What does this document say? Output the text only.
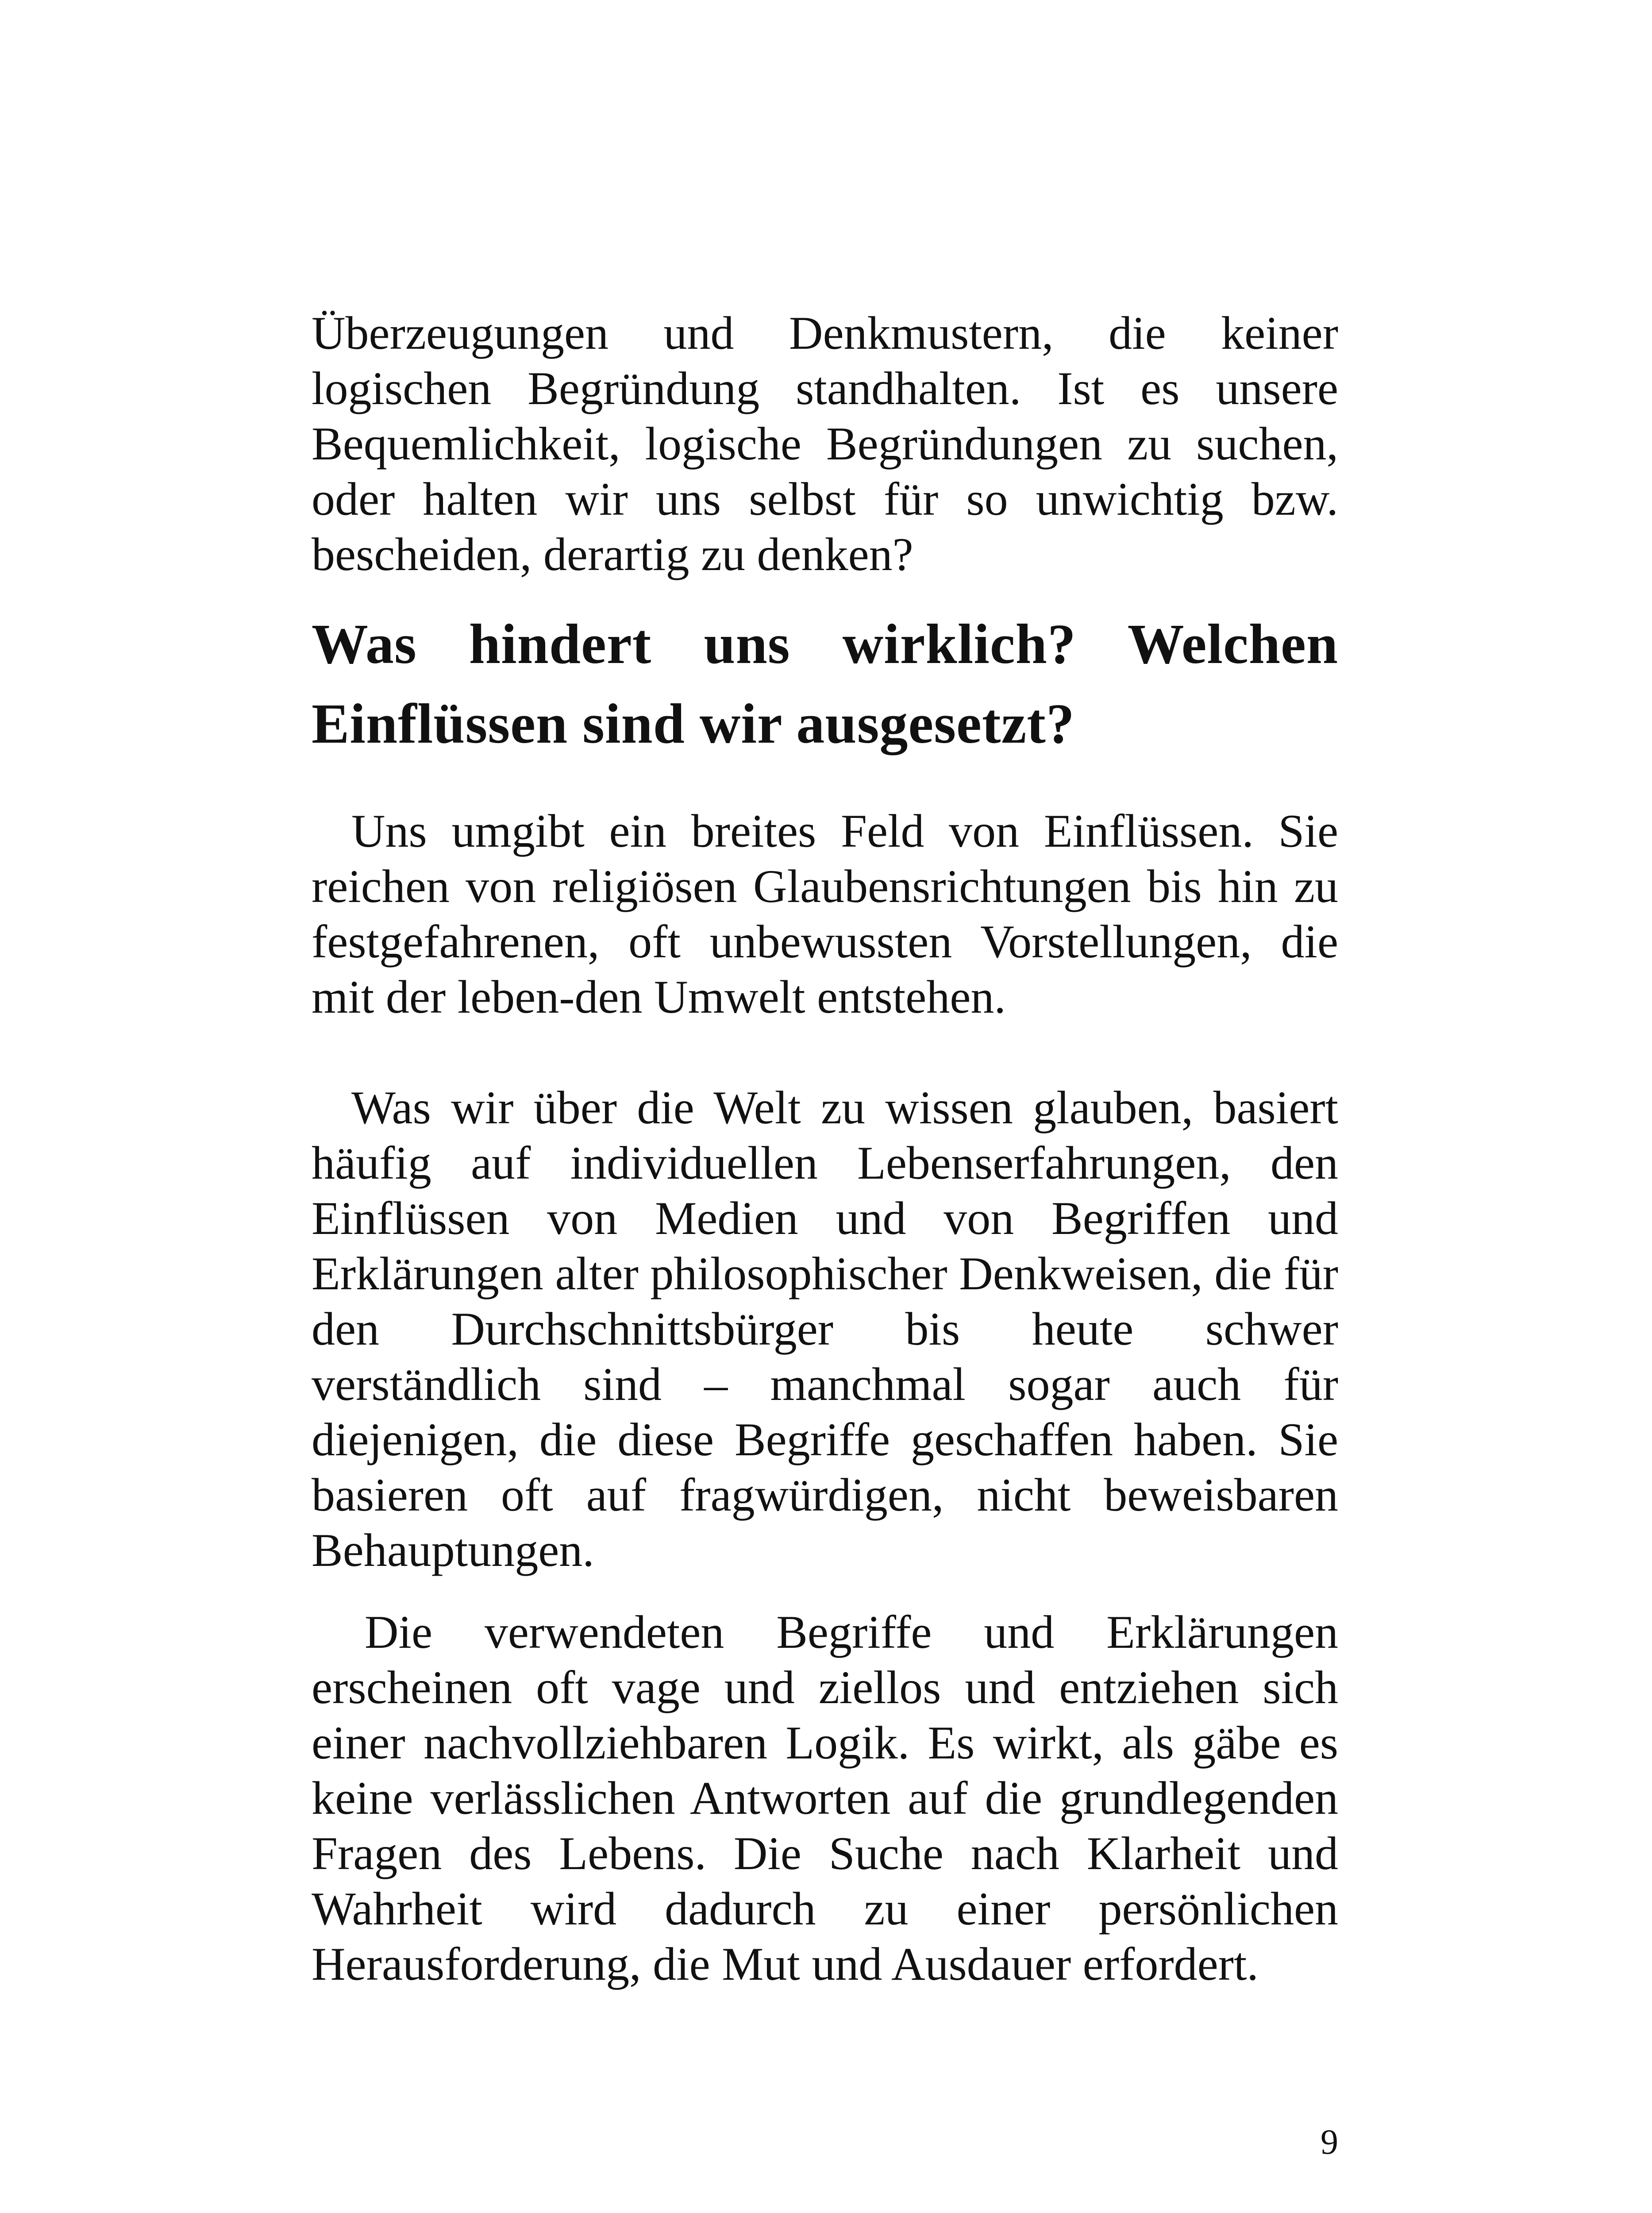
Überzeugungen und Denkmustern, die keiner logischen Begründung standhalten. Ist es unsere Bequemlichkeit, logische Begründungen zu suchen, oder halten wir uns selbst für so unwichtig bzw. bescheiden, derartig zu denken?

Was hindert uns wirklich? Welchen Einflüssen sind wir ausgesetzt?

Uns umgibt ein breites Feld von Einflüssen. Sie reichen von religiösen Glaubensrichtungen bis hin zu festgefahrenen, oft unbewussten Vorstellungen, die mit der leben-den Umwelt entstehen.

Was wir über die Welt zu wissen glauben, basiert häufig auf individuellen Lebenserfahrungen, den Einflüssen von Medien und von Begriffen und Erklärungen alter philosophischer Denkweisen, die für den Durchschnittsbürger bis heute schwer verständlich sind – manchmal sogar auch für diejenigen, die diese Begriffe geschaffen haben. Sie basieren oft auf fragwürdigen, nicht beweisbaren Behauptungen.

Die verwendeten Begriffe und Erklärungen erscheinen oft vage und ziellos und entziehen sich einer nachvollziehbaren Logik. Es wirkt, als gäbe es keine verlässlichen Antworten auf die grundlegenden Fragen des Lebens. Die Suche nach Klarheit und Wahrheit wird dadurch zu einer persönlichen Herausforderung, die Mut und Ausdauer erfordert.

9
